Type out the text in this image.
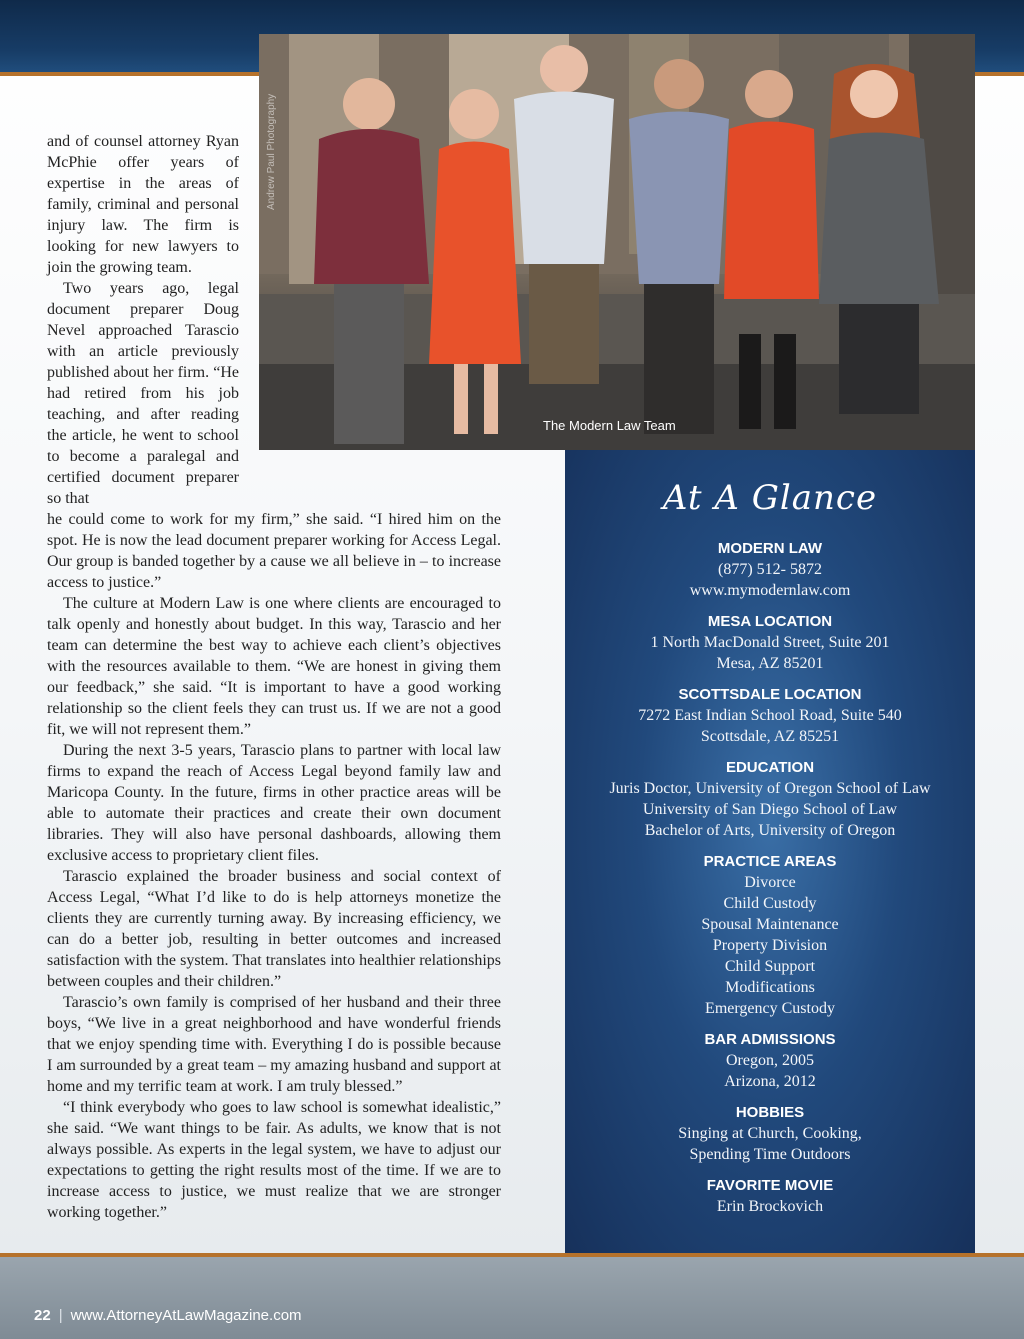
Andrew Paul Photography
The Modern Law Team

and of counsel attorney Ryan McPhie offer years of expertise in the areas of family, criminal and personal injury law. The firm is looking for new lawyers to join the growing team.

Two years ago, legal document preparer Doug Nevel approached Tarascio with an article previously published about her firm. “He had retired from his job teaching, and after reading the article, he went to school to become a paralegal and certified document preparer so that

he could come to work for my firm,” she said. “I hired him on the spot. He is now the lead document preparer working for Access Legal. Our group is banded together by a cause we all believe in – to increase access to justice.”

The culture at Modern Law is one where clients are encouraged to talk openly and honestly about budget. In this way, Tarascio and her team can determine the best way to achieve each client’s objectives with the resources available to them. “We are honest in giving them our feedback,” she said. “It is important to have a good working relationship so the client feels they can trust us. If we are not a good fit, we will not represent them.”

During the next 3-5 years, Tarascio plans to partner with local law firms to expand the reach of Access Legal beyond family law and Maricopa County. In the future, firms in other practice areas will be able to automate their practices and create their own document libraries. They will also have personal dashboards, allowing them exclusive access to proprietary client files.

Tarascio explained the broader business and social context of Access Legal, “What I’d like to do is help attorneys monetize the clients they are currently turning away. By increasing efficiency, we can do a better job, resulting in better outcomes and increased satisfaction with the system. That translates into healthier relationships between couples and their children.”

Tarascio’s own family is comprised of her husband and their three boys, “We live in a great neighborhood and have wonderful friends that we enjoy spending time with. Everything I do is possible because I am surrounded by a great team – my amazing husband and support at home and my terrific team at work. I am truly blessed.”

“I think everybody who goes to law school is somewhat idealistic,” she said. “We want things to be fair. As adults, we know that is not always possible. As experts in the legal system, we have to adjust our expectations to getting the right results most of the time. If we are to increase access to justice, we must realize that we are stronger working together.”

At A Glance
MODERN LAW
(877) 512- 5872
www.mymodernlaw.com
MESA LOCATION
1 North MacDonald Street, Suite 201
Mesa, AZ 85201
SCOTTSDALE LOCATION
7272 East Indian School Road, Suite 540
Scottsdale, AZ 85251
EDUCATION
Juris Doctor, University of Oregon School of Law
University of San Diego School of Law
Bachelor of Arts, University of Oregon
PRACTICE AREAS
Divorce
Child Custody
Spousal Maintenance
Property Division
Child Support
Modifications
Emergency Custody
BAR ADMISSIONS
Oregon, 2005
Arizona, 2012
HOBBIES
Singing at Church, Cooking,
Spending Time Outdoors
FAVORITE MOVIE
Erin Brockovich
22 | www.AttorneyAtLawMagazine.com
